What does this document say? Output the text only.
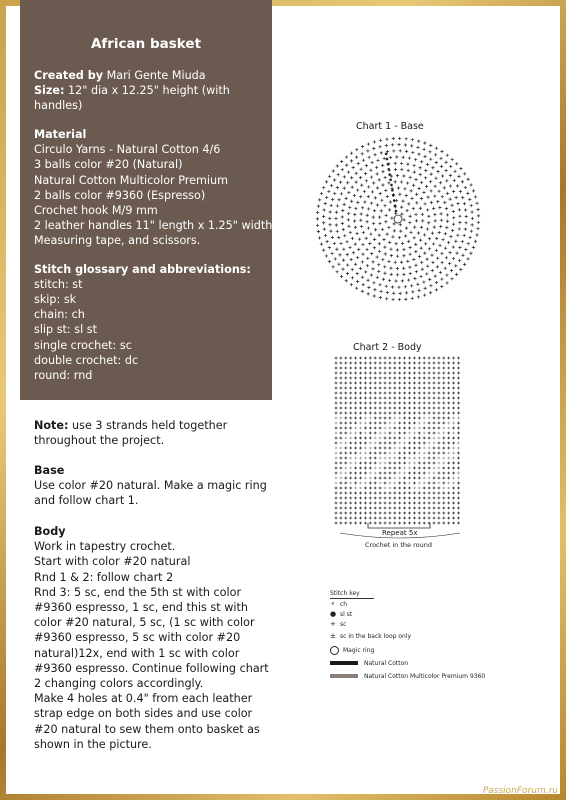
African basket
Created by Mari Gente Miuda
Size: 12" dia x 12.25" height (with handles)
Material
Circulo Yarns - Natural Cotton 4/6
3 balls color #20 (Natural)
Natural Cotton Multicolor Premium
2 balls color #9360 (Espresso)
Crochet hook M/9 mm
2 leather handles 11" length x 1.25" width
Measuring tape, and scissors.
Stitch glossary and abbreviations:
stitch: st
skip: sk
chain: ch
slip st: sl st
single crochet: sc
double crochet: dc
round: rnd
Note: use 3 strands held together throughout the project.
Base
Use color #20 natural. Make a magic ring and follow chart 1.
Body
Work in tapestry crochet.
Start with color #20 natural
Rnd 1 & 2: follow chart 2
Rnd 3: 5 sc, end the 5th st with color #9360 espresso, 1 sc, end this st with color #20 natural, 5 sc, (1 sc with color #9360 espresso, 5 sc with color #20 natural)12x, end with 1 sc with color #9360 espresso. Continue following chart 2 changing colors accordingly.
Make 4 holes at 0.4" from each leather strap edge on both sides and use color #20 natural to sew them onto basket as shown in the picture.
Chart 1 - Base
Chart 2 - Body
Repeat 5x
Crochet in the round
Stitch key
⚬ ch
● sl st
+ sc
± sc in the back loop only
Magic ring
Natural Cotton
Natural Cotton Multicolor Premium 9360
PassionForum.ru
